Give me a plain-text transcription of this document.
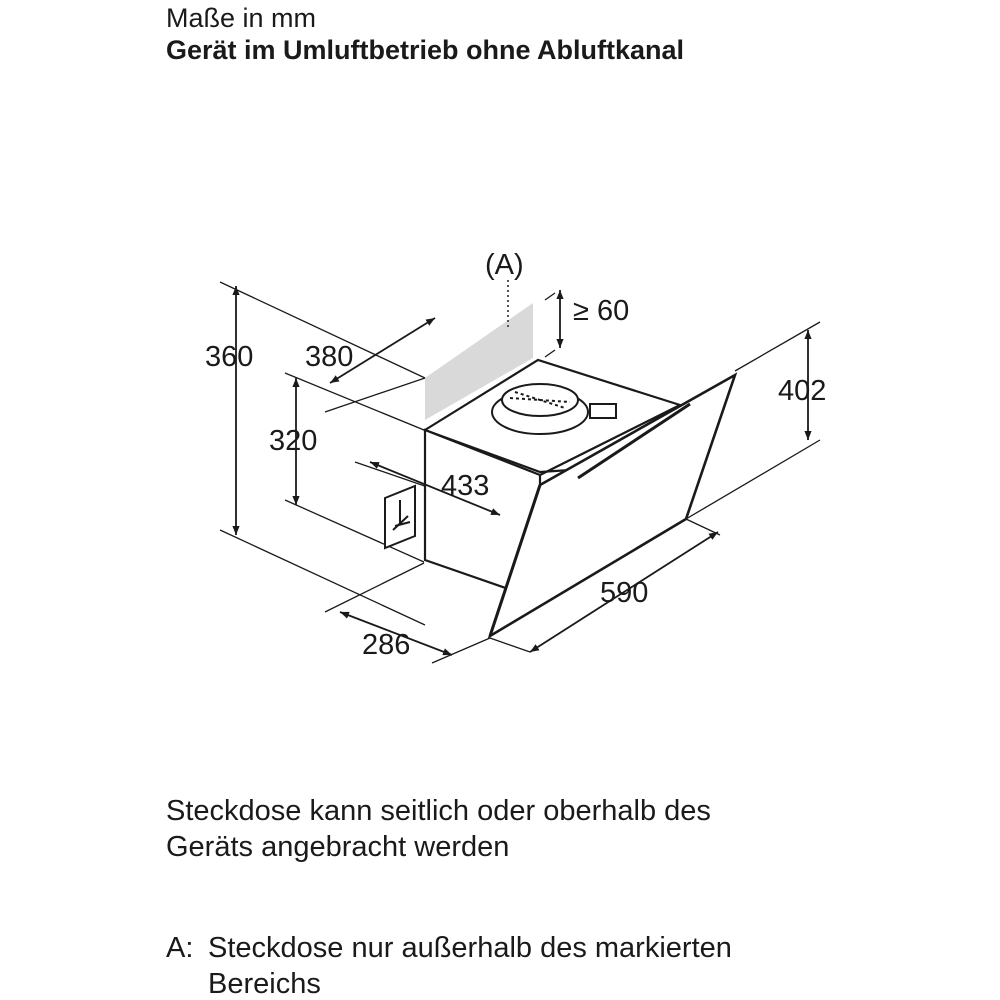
Maße in mm
Gerät im Umluftbetrieb ohne Abluftkanal
(A)
360 380
320
433
286
≥ 60
402
590
Steckdose kann seitlich oder oberhalb des
Geräts angebracht werden
A: Steckdose nur außerhalb des markierten
Bereichs
